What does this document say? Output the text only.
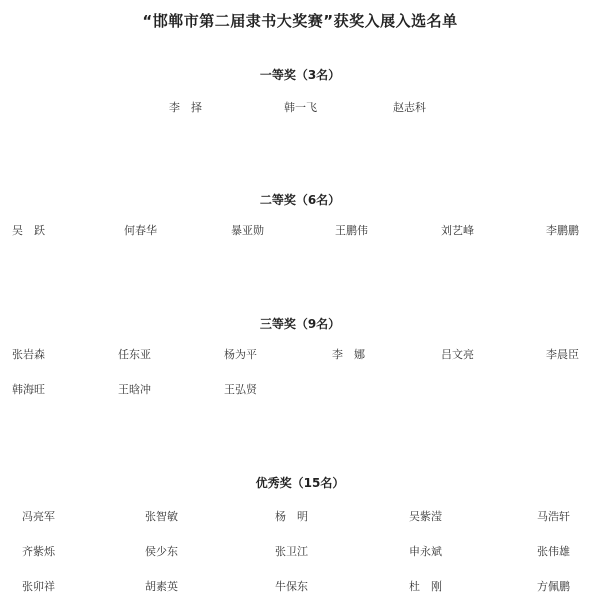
“邯郸市第二届隶书大奖赛”获奖入展入选名单
一等奖（3名）
李　择	韩一飞	赵志科
二等奖（6名）
吴　跃	何春华	暴亚勋	王鹏伟	刘艺峰	李鹏鹏
三等奖（9名）
张岩森	任东亚	杨为平	李　娜	吕文亮	李晨臣
韩海旺	王晗冲	王弘贤
优秀奖（15名）
冯亮军	张智敏	杨　明	吴紫滢	马浩轩
齐紫烁	侯少东	张卫江	申永斌	张伟雄
张卯祥	胡素英	牛保东	杜　刚	方佩鹏
